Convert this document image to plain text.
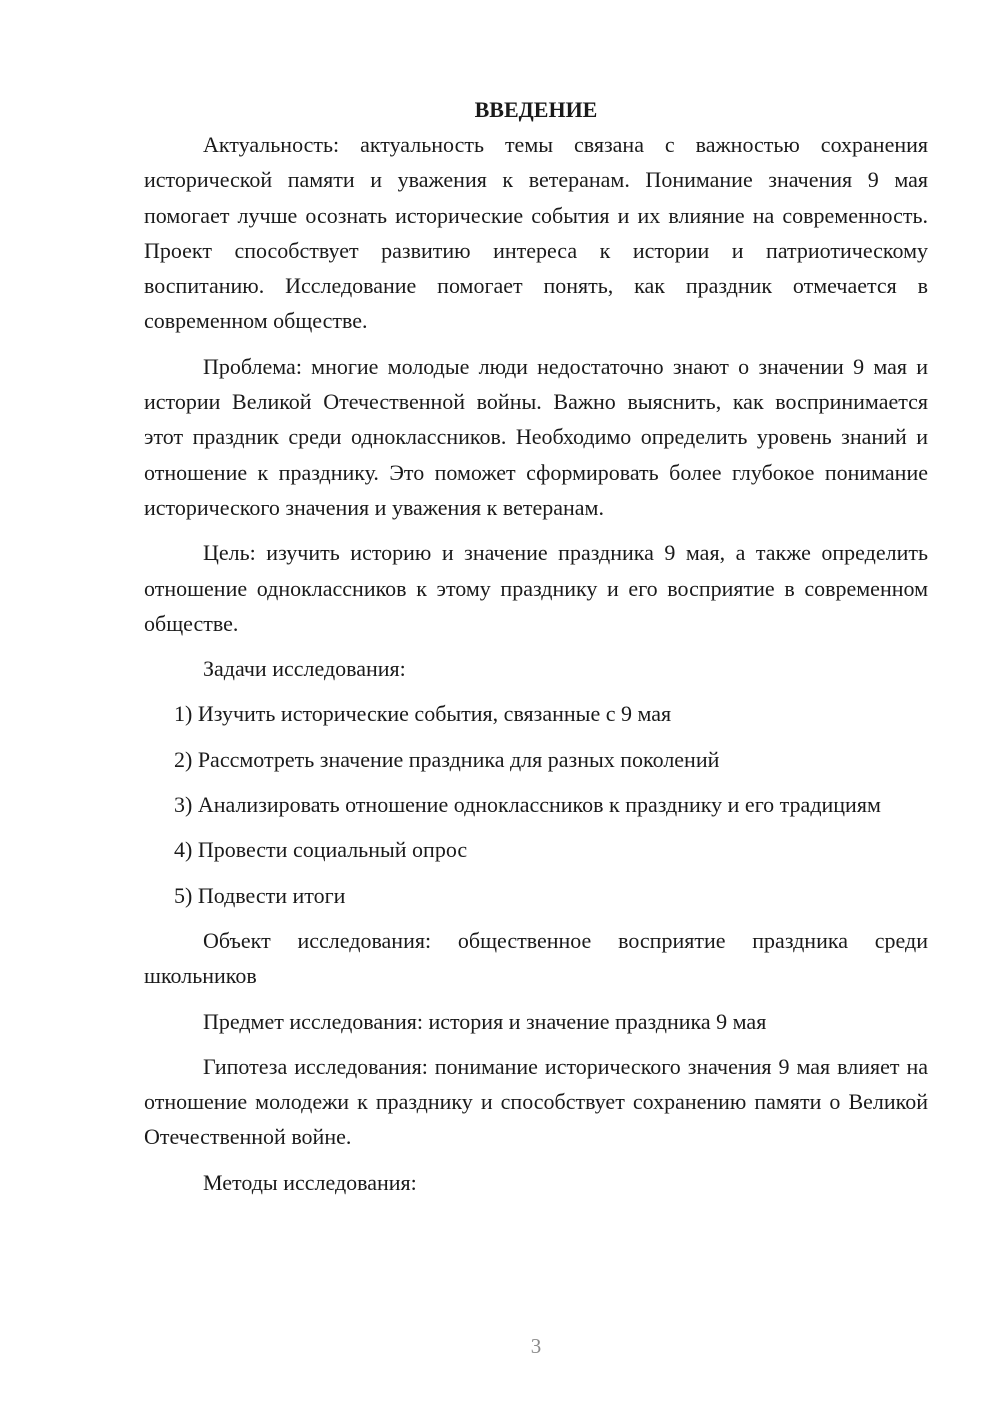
ВВЕДЕНИЕ

Актуальность: актуальность темы связана с важностью сохранения исторической памяти и уважения к ветеранам. Понимание значения 9 мая помогает лучше осознать исторические события и их влияние на современность. Проект способствует развитию интереса к истории и патриотическому воспитанию. Исследование помогает понять, как праздник отмечается в современном обществе.

Проблема: многие молодые люди недостаточно знают о значении 9 мая и истории Великой Отечественной войны. Важно выяснить, как воспринимается этот праздник среди одноклассников. Необходимо определить уровень знаний и отношение к празднику. Это поможет сформировать более глубокое понимание исторического значения и уважения к ветеранам.

Цель: изучить историю и значение праздника 9 мая, а также определить отношение одноклассников к этому празднику и его восприятие в современном обществе.

Задачи исследования:

1) Изучить исторические события, связанные с 9 мая

2) Рассмотреть значение праздника для разных поколений

3) Анализировать отношение одноклассников к празднику и его традициям

4) Провести социальный опрос

5) Подвести итоги

Объект исследования: общественное восприятие праздника среди школьников

Предмет исследования: история и значение праздника 9 мая

Гипотеза исследования: понимание исторического значения 9 мая влияет на отношение молодежи к празднику и способствует сохранению памяти о Великой Отечественной войне.

Методы исследования:

3
